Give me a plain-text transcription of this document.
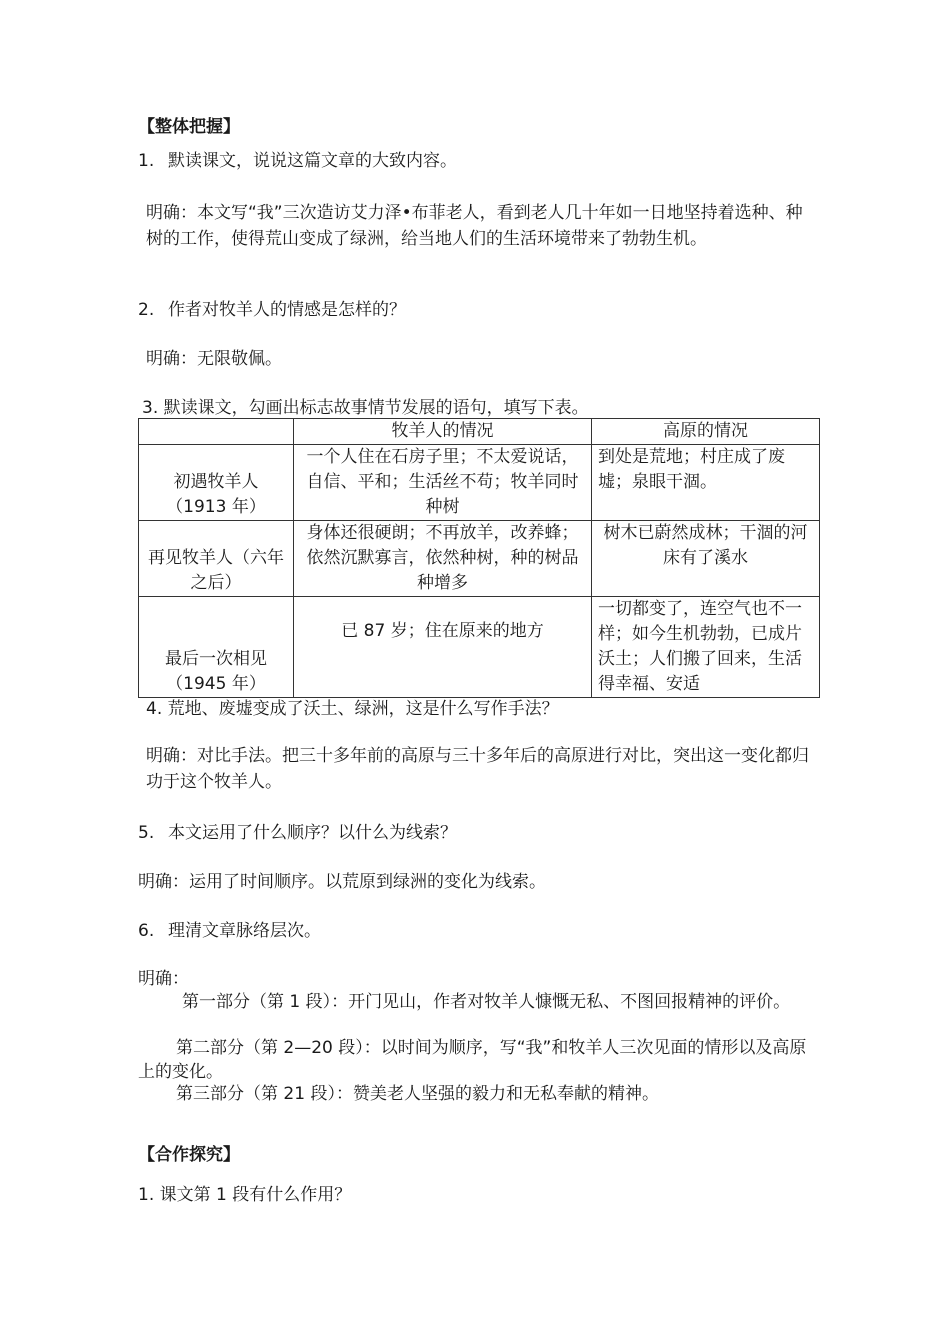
【整体把握】
1. 默读课文，说说这篇文章的大致内容。
明确：本文写“我”三次造访艾力泽•布菲老人，看到老人几十年如一日地坚持着选种、种树的工作，使得荒山变成了绿洲，给当地人们的生活环境带来了勃勃生机。
2. 作者对牧羊人的情感是怎样的？
明确：无限敬佩。
3. 默读课文，勾画出标志故事情节发展的语句，填写下表。
	牧羊人的情况	高原的情况
初遇牧羊人（1913 年）	一个人住在石房子里；不太爱说话，自信、平和；生活丝不苟；牧羊同时种树	到处是荒地；村庄成了废墟；泉眼干涸。
再见牧羊人（六年之后）	身体还很硬朗；不再放羊，改养蜂；依然沉默寡言，依然种树，种的树品种增多	树木已蔚然成林；干涸的河床有了溪水
最后一次相见（1945 年）	已 87 岁；住在原来的地方	一切都变了，连空气也不一样；如今生机勃勃，已成片沃土；人们搬了回来，生活得幸福、安适
4. 荒地、废墟变成了沃土、绿洲，这是什么写作手法？
明确：对比手法。把三十多年前的高原与三十多年后的高原进行对比，突出这一变化都归功于这个牧羊人。
5. 本文运用了什么顺序？以什么为线索？
明确：运用了时间顺序。以荒原到绿洲的变化为线索。
6. 理清文章脉络层次。
明确：
第一部分（第 1 段）：开门见山，作者对牧羊人慷慨无私、不图回报精神的评价。
第二部分（第 2—20 段）：以时间为顺序，写“我”和牧羊人三次见面的情形以及高原上的变化。
第三部分（第 21 段）：赞美老人坚强的毅力和无私奉献的精神。
【合作探究】
1. 课文第 1 段有什么作用？
